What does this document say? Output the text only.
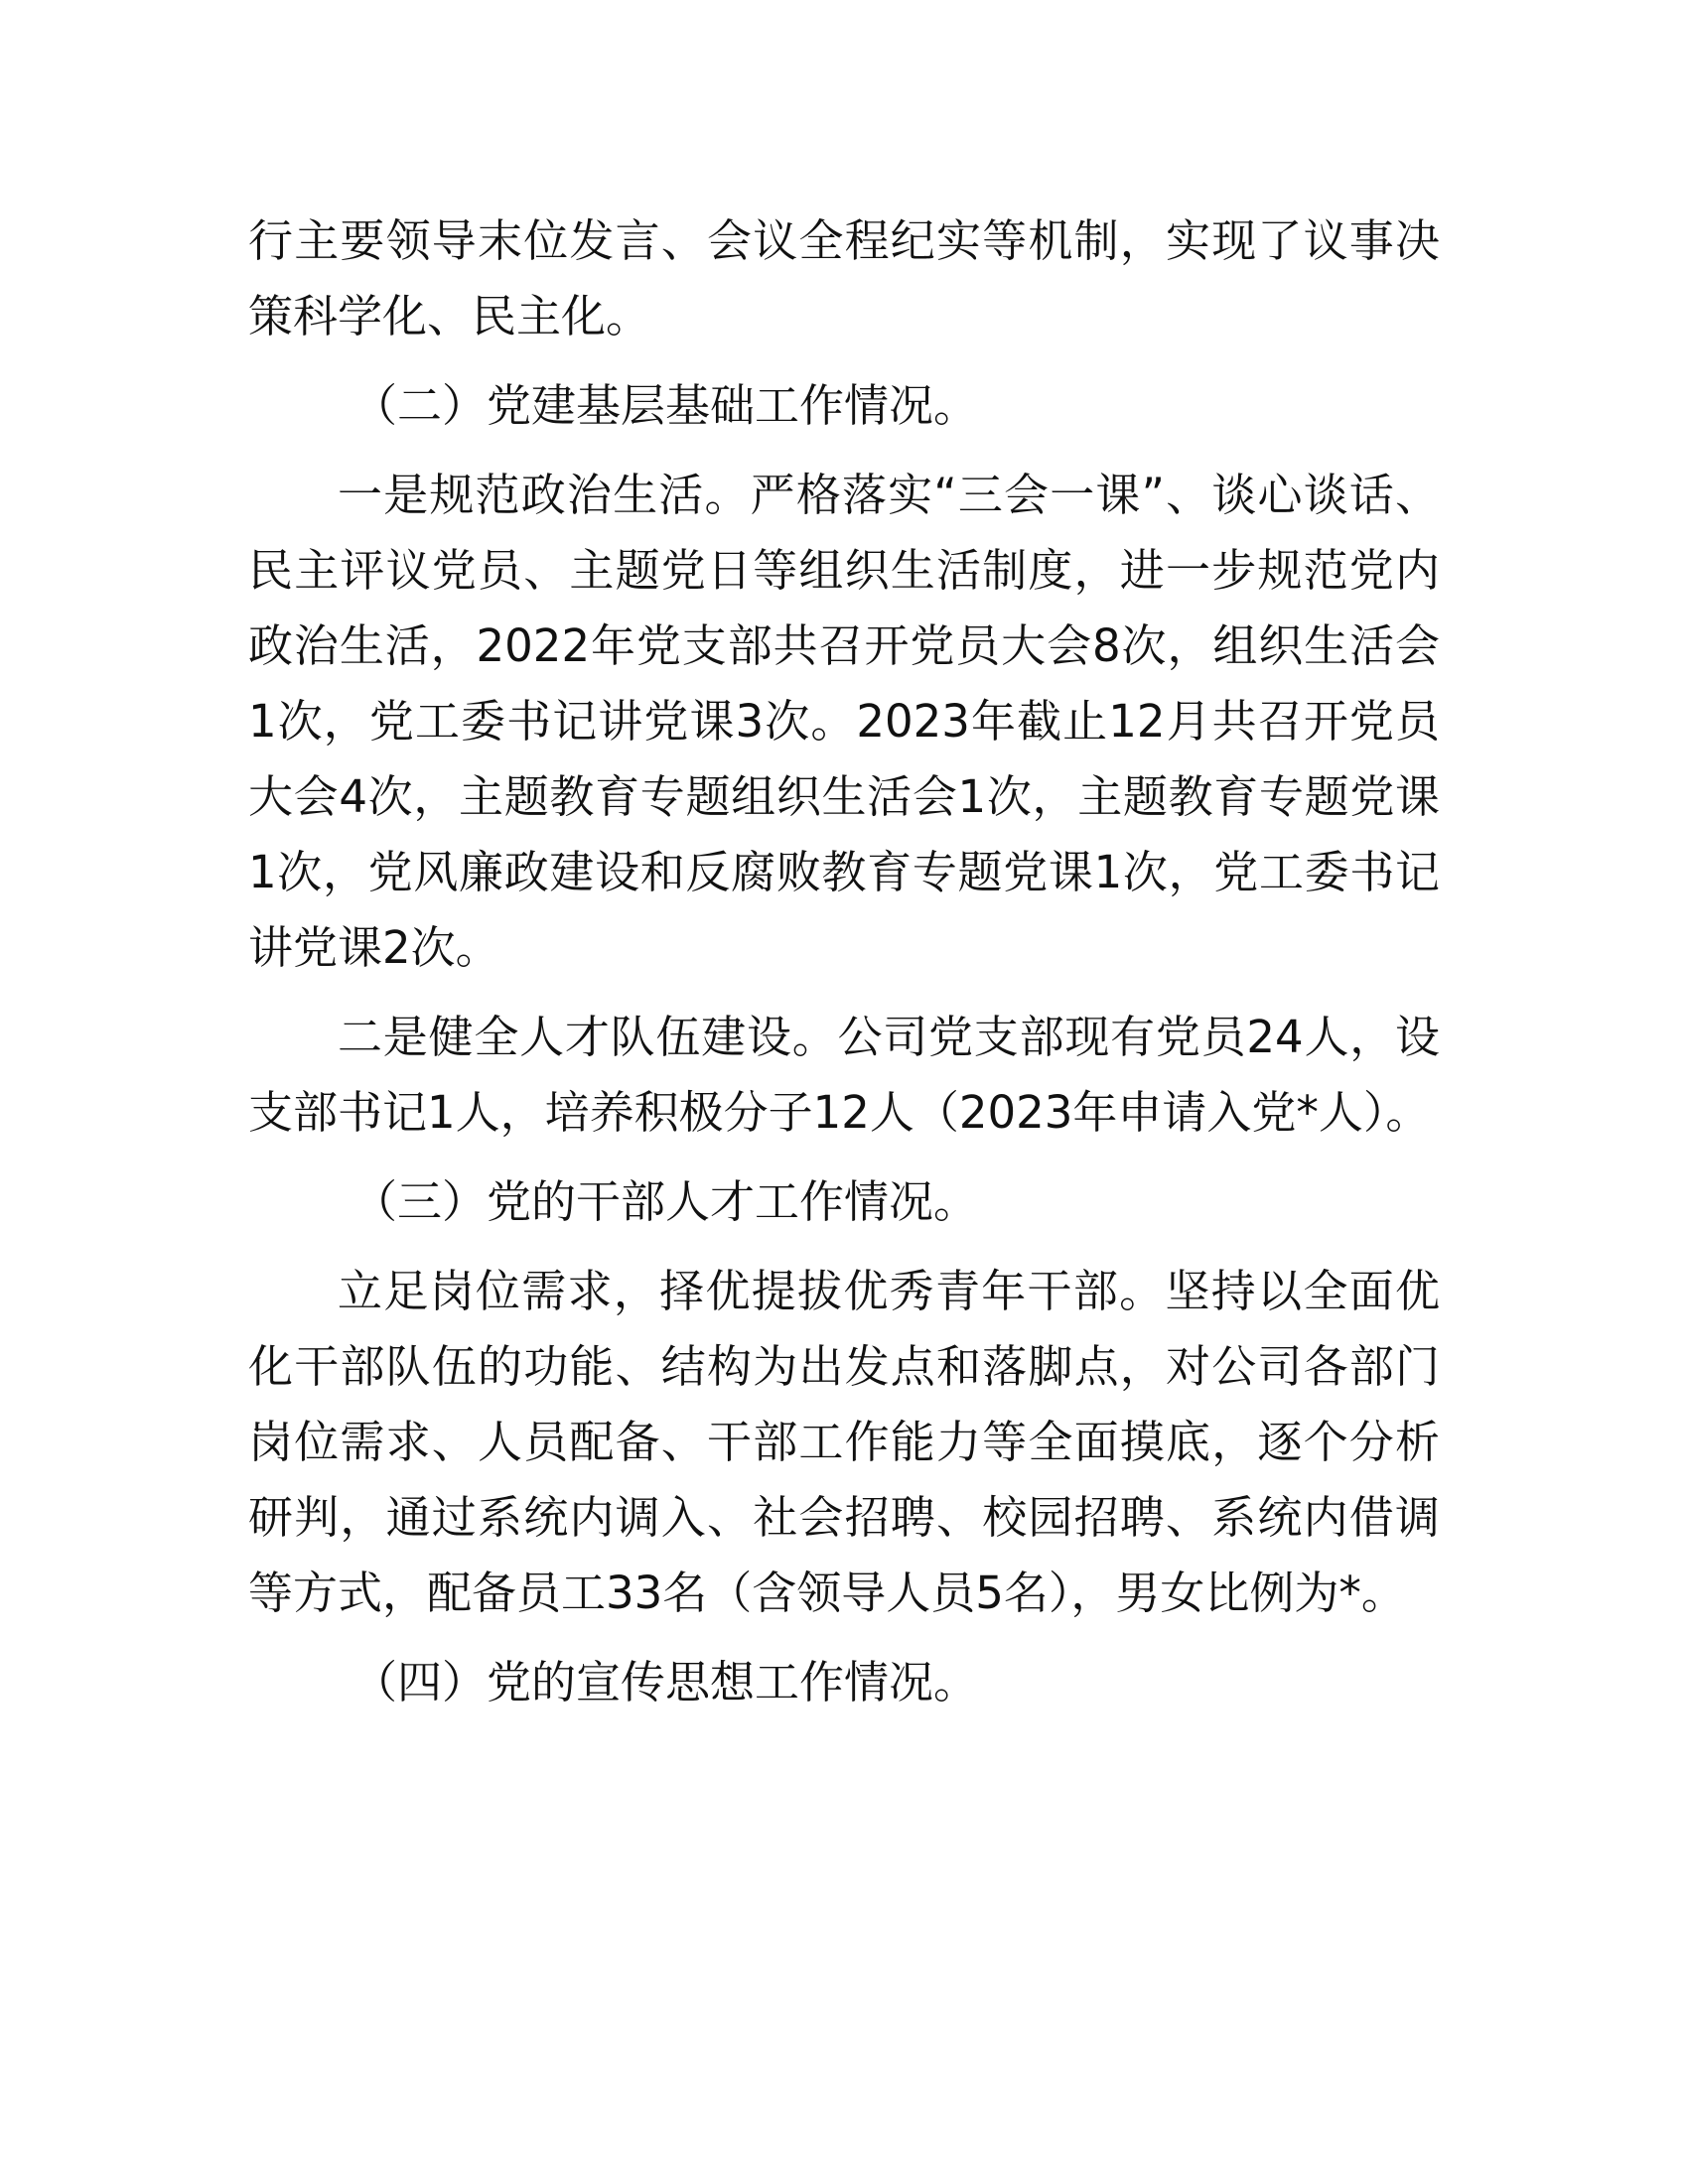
行主要领导末位发言、会议全程纪实等机制，实现了议事决策科学化、民主化。

（二）党建基层基础工作情况。

一是规范政治生活。严格落实“三会一课”、谈心谈话、民主评议党员、主题党日等组织生活制度，进一步规范党内政治生活，2022年党支部共召开党员大会8次，组织生活会1次，党工委书记讲党课3次。2023年截止12月共召开党员大会4次，主题教育专题组织生活会1次，主题教育专题党课1次，党风廉政建设和反腐败教育专题党课1次，党工委书记讲党课2次。

二是健全人才队伍建设。公司党支部现有党员24人，设支部书记1人，培养积极分子12人（2023年申请入党*人）。

（三）党的干部人才工作情况。

立足岗位需求，择优提拔优秀青年干部。坚持以全面优化干部队伍的功能、结构为出发点和落脚点，对公司各部门岗位需求、人员配备、干部工作能力等全面摸底，逐个分析研判，通过系统内调入、社会招聘、校园招聘、系统内借调等方式，配备员工33名（含领导人员5名），男女比例为*。

（四）党的宣传思想工作情况。
